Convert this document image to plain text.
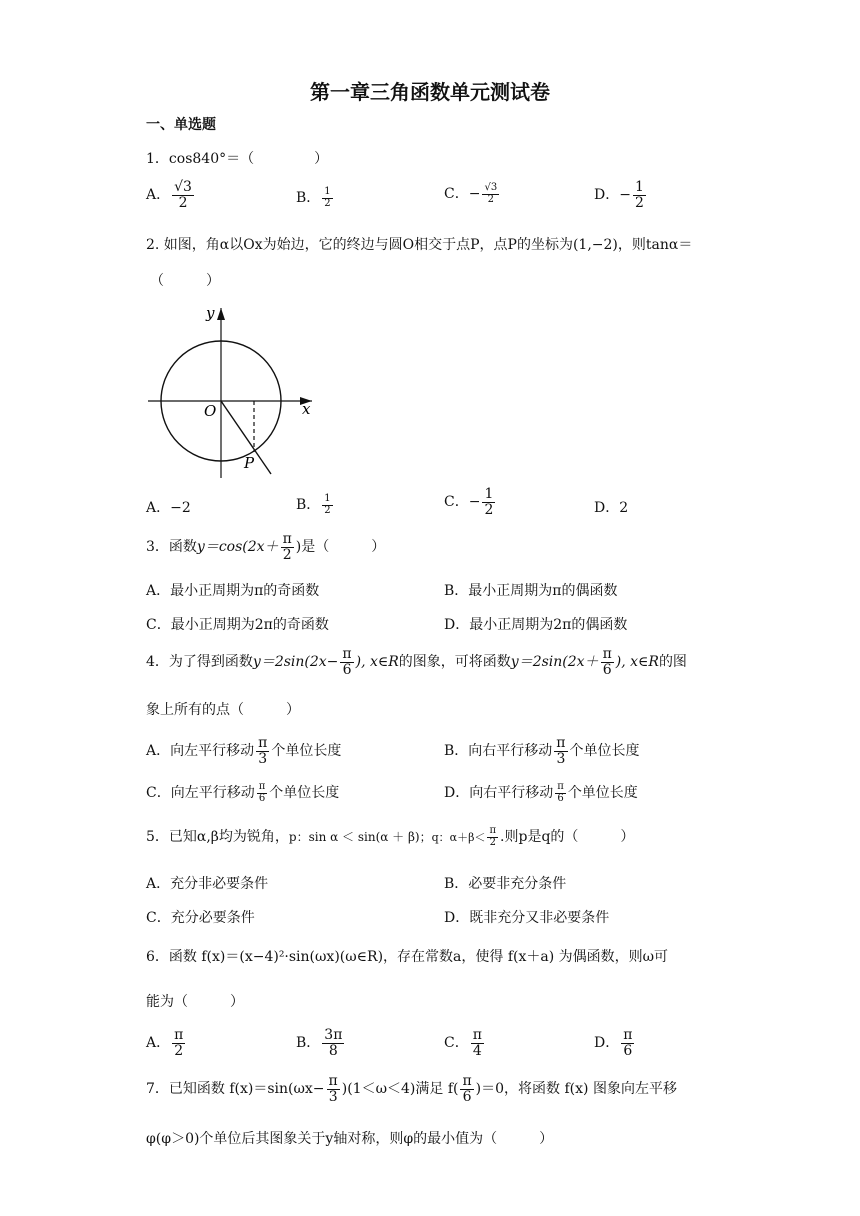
第一章三角函数单元测试卷
一、单选题
1．cos840°＝（	）
A． $\frac{√3}{2}$	B． $\frac{1}{2}$	C．− $\frac{√3}{2}$	D．− $\frac{1}{2}$
2. 如图，角α以Ox为始边，它的终边与圆O相交于点P，点P的坐标为(1,−2)，则tanα＝
（　　　）
y
x
O
P
A．−2	B． $\frac{1}{2}$	C．− $\frac{1}{2}$	D．2
3．函数$y=\cos(2x+ \frac{\pi}{2}$ )是（　　　）
A．最小正周期为π的奇函数	B．最小正周期为π的偶函数
C．最小正周期为2π的奇函数	D．最小正周期为2π的偶函数
4．为了得到函数$y=2\sin(2x- \frac{\pi}{6}$ ), x∈R的图象，可将函数$y=2\sin(2x+ \frac{\pi}{6}$ ), x∈R的图
象上所有的点（　　　）
A．向左平行移动 $\frac{\pi}{3}$ 个单位长度	B．向右平行移动 $\frac{\pi}{3}$ 个单位长度
C．向左平行移动 $\frac{\pi}{6}$ 个单位长度	D．向右平行移动 $\frac{\pi}{6}$ 个单位长度
5．已知α,β均为锐角，p：sin α ＜ sin(α ＋ β)；q：$\alpha+\beta< \frac{\pi}{2}$ .则p是q的（　　　）
A．充分非必要条件	B．必要非充分条件
C．充分必要条件	D．既非充分又非必要条件
6．函数 f(x)＝(x−4)²·sin(ωx)(ω∈R)，存在常数a，使得 f(x＋a) 为偶函数，则ω可
能为（　　　）
A． $\frac{\pi}{2}$	B． $\frac{3\pi}{8}$	C． $\frac{\pi}{4}$	D． $\frac{\pi}{6}$
7．已知函数 $f(x)=\sin(\omega x- \frac{\pi}{3} )(1<\omega<4)$满足 $f( \frac{\pi}{6} )=0$，将函数 f(x) 图象向左平移
φ(φ＞0)个单位后其图象关于y轴对称，则φ的最小值为（　　　）
